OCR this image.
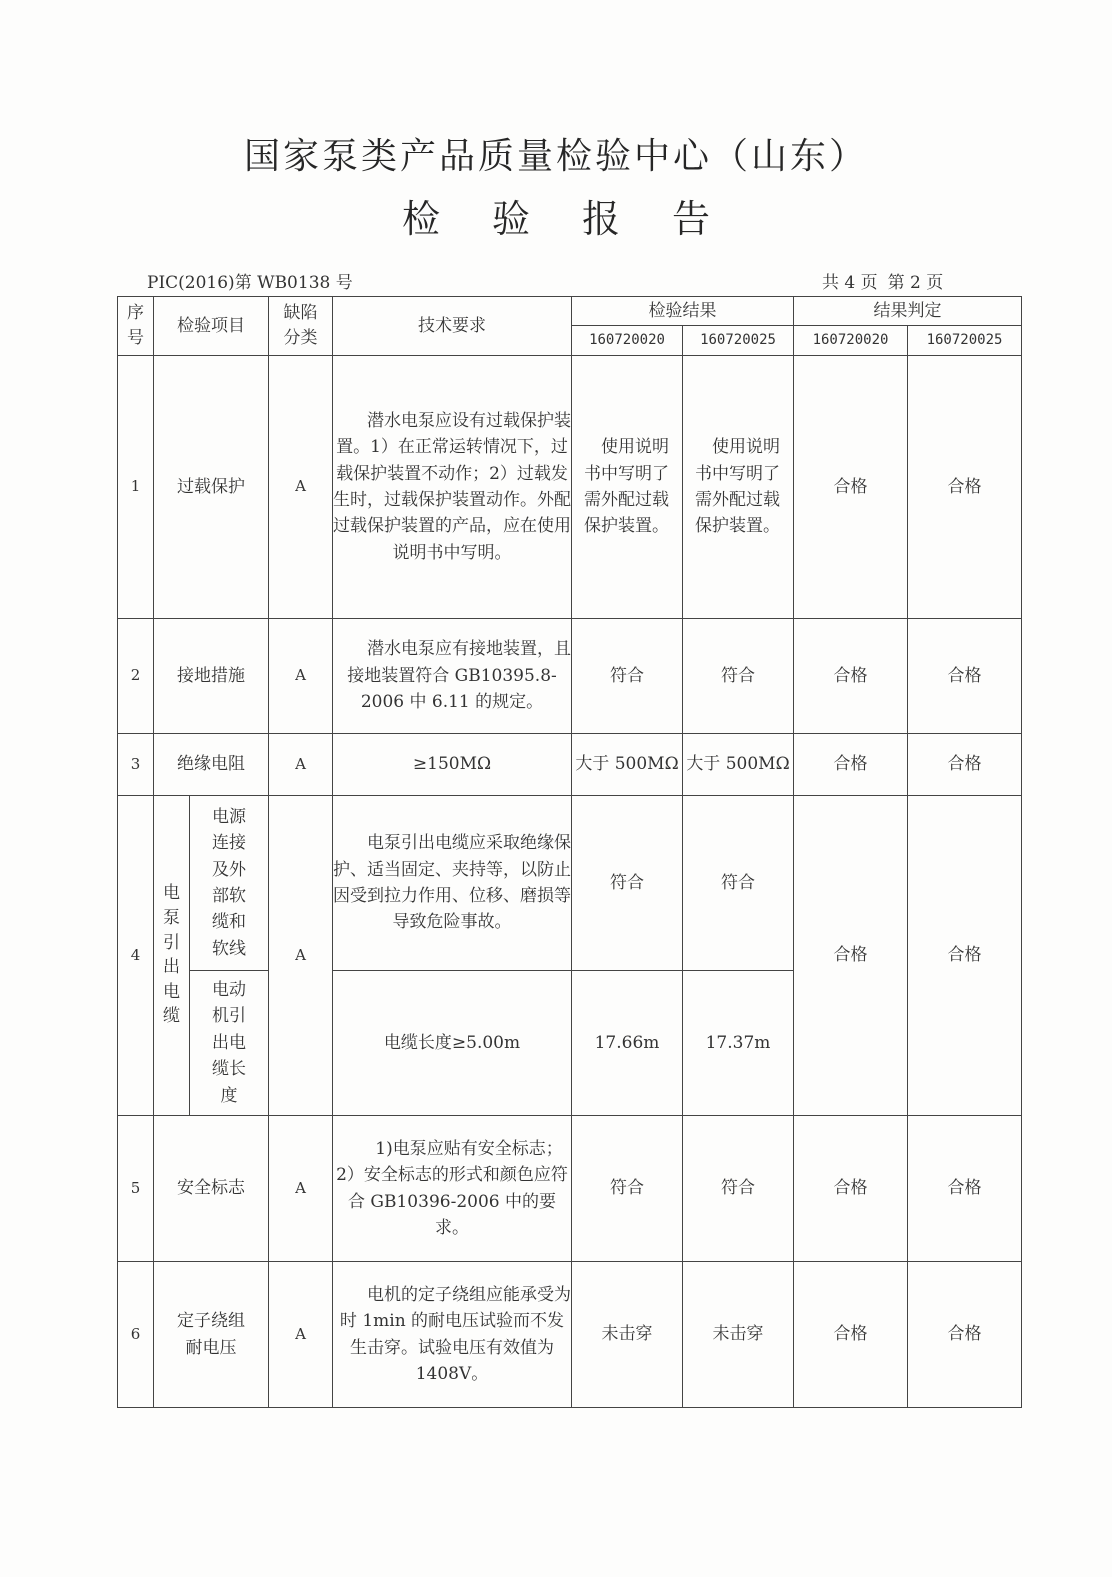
国家泵类产品质量检验中心（山东）
检 验 报 告
PIC(2016)第 WB0138 号	共 4 页 第 2 页
序号	检验项目		缺陷分类	技术要求	检验结果		结果判定	
					160720020	160720025	160720020	160720025
1	过载保护		A	　　潜水电泵应设有过载保护装置。1）在正常运转情况下，过载保护装置不动作；2）过载发生时，过载保护装置动作。外配过载保护装置的产品，应在使用说明书中写明。	　使用说明书中写明了需外配过载保护装置。	　使用说明书中写明了需外配过载保护装置。	合格	合格
2	接地措施		A	　　潜水电泵应有接地装置，且接地装置符合 GB10395.8-2006 中 6.11 的规定。	符合	符合	合格	合格
3	绝缘电阻		A	≥150MΩ	大于 500MΩ	大于 500MΩ	合格	合格
4	电泵引出电缆	电源连接及外部软缆和软线	A	　　电泵引出电缆应采取绝缘保护、适当固定、夹持等，以防止因受到拉力作用、位移、磨损等导致危险事故。	符合	符合	合格	合格
		电动机引出电缆长度		电缆长度≥5.00m	17.66m	17.37m		
5	安全标志		A	　　1)电泵应贴有安全标志；2）安全标志的形式和颜色应符合 GB10396-2006 中的要求。	符合	符合	合格	合格
6	定子绕组耐电压		A	　　电机的定子绕组应能承受为时 1min 的耐电压试验而不发生击穿。试验电压有效值为 1408V。	未击穿	未击穿	合格	合格
